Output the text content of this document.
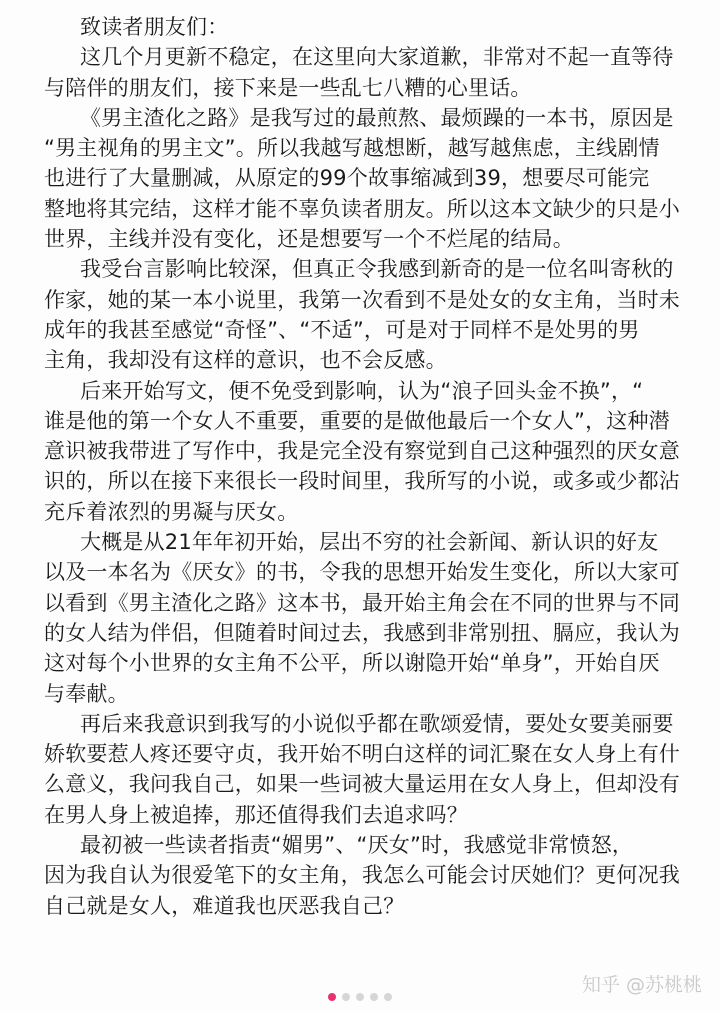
致读者朋友们：
这几个月更新不稳定，在这里向大家道歉，非常对不起一直等待
与陪伴的朋友们，接下来是一些乱七八糟的心里话。
《男主渣化之路》是我写过的最煎熬、最烦躁的一本书，原因是
“男主视角的男主文”。所以我越写越想断，越写越焦虑，主线剧情
也进行了大量删减，从原定的99个故事缩减到39，想要尽可能完
整地将其完结，这样才能不辜负读者朋友。所以这本文缺少的只是小
世界，主线并没有变化，还是想要写一个不烂尾的结局。
我受台言影响比较深，但真正令我感到新奇的是一位名叫寄秋的
作家，她的某一本小说里，我第一次看到不是处女的女主角，当时未
成年的我甚至感觉“奇怪”、“不适”，可是对于同样不是处男的男
主角，我却没有这样的意识，也不会反感。
后来开始写文，便不免受到影响，认为“浪子回头金不换”，“
谁是他的第一个女人不重要，重要的是做他最后一个女人”，这种潜
意识被我带进了写作中，我是完全没有察觉到自己这种强烈的厌女意
识的，所以在接下来很长一段时间里，我所写的小说，或多或少都沾
充斥着浓烈的男凝与厌女。
大概是从21年年初开始，层出不穷的社会新闻、新认识的好友
以及一本名为《厌女》的书，令我的思想开始发生变化，所以大家可
以看到《男主渣化之路》这本书，最开始主角会在不同的世界与不同
的女人结为伴侣，但随着时间过去，我感到非常别扭、膈应，我认为
这对每个小世界的女主角不公平，所以谢隐开始“单身”，开始自厌
与奉献。
再后来我意识到我写的小说似乎都在歌颂爱情，要处女要美丽要
娇软要惹人疼还要守贞，我开始不明白这样的词汇聚在女人身上有什
么意义，我问我自己，如果一些词被大量运用在女人身上，但却没有
在男人身上被追捧，那还值得我们去追求吗？
最初被一些读者指责“媚男”、“厌女”时，我感觉非常愤怒，
因为我自认为很爱笔下的女主角，我怎么可能会讨厌她们？更何况我
自己就是女人，难道我也厌恶我自己？
知乎 @苏桃桃
